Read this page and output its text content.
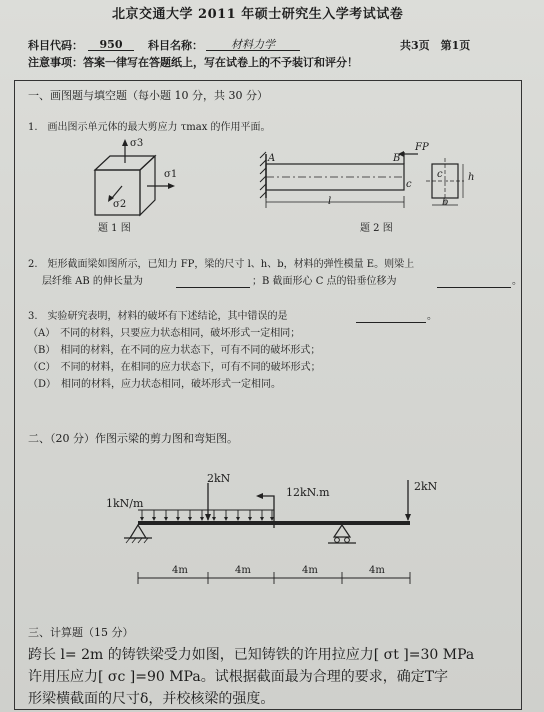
北京交通大学 2011 年硕士研究生入学考试试卷
科目代码：	950	科目名称：	材料力学	共3页　第1页
注意事项：答案一律写在答题纸上，写在试卷上的不予装订和评分！
一、画图题与填空题（每小题 10 分，共 30 分）
1.　画出图示单元体的最大剪应力 τmax 的作用平面。
σ3
σ1
σ2
题 1 图
A	B
FP
c
l
c	h
b
题 2 图
2.　矩形截面梁如图所示，已知力 FP，梁的尺寸 l、h、b，材料的弹性模量 E。则梁上
层纤维 AB 的伸长量为	；B 截面形心 C 点的铅垂位移为	。
3.　实验研究表明，材料的破坏有下述结论，其中错误的是	。
（A）　不同的材料，只要应力状态相同，破坏形式一定相同；
（B）　相同的材料，在不同的应力状态下，可有不同的破坏形式；
（C）　不同的材料，在相同的应力状态下，可有不同的破坏形式；
（D）　相同的材料，应力状态相同，破坏形式一定相同。
二、（20 分）作图示梁的剪力图和弯矩图。
2kN
1kN/m
12kN.m	2kN
4m	4m	4m	4m
三、计算题（15 分）
跨长 l= 2m 的铸铁梁受力如图，已知铸铁的许用拉应力[ σt ]=30 MPa
许用压应力[ σc ]=90 MPa。试根据截面最为合理的要求，确定T字
形梁横截面的尺寸δ，并校核梁的强度。
